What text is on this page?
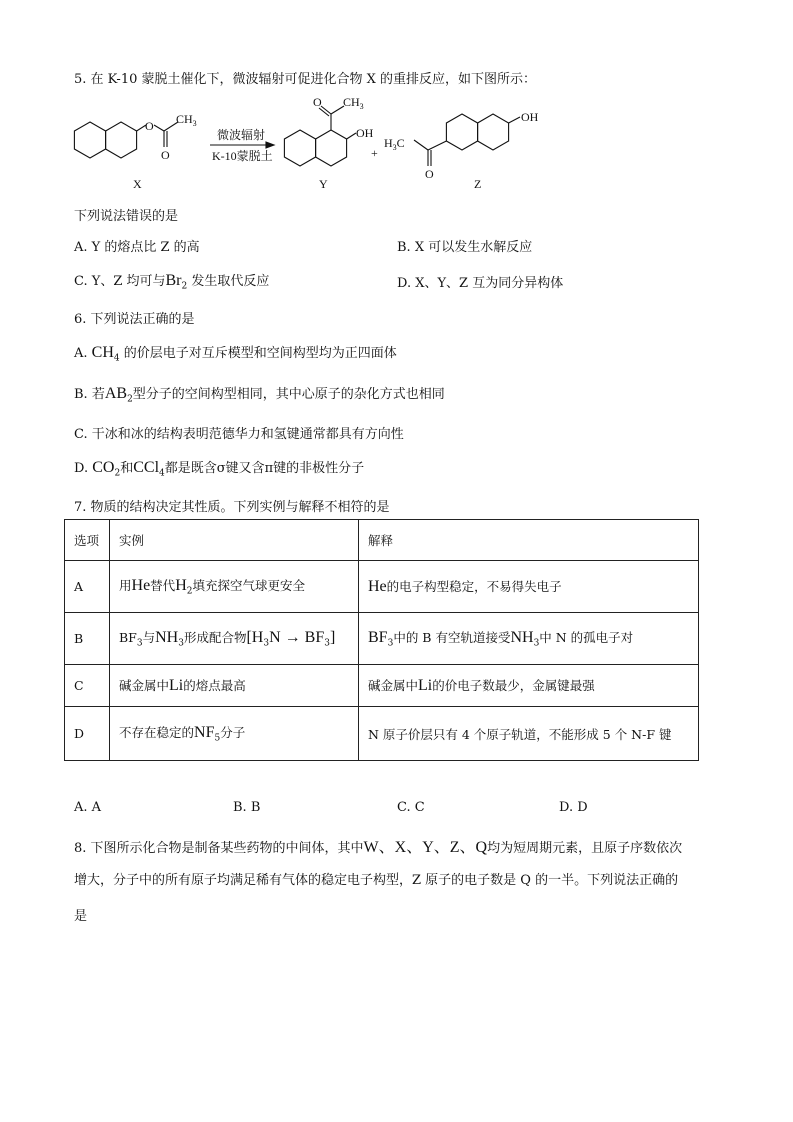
5. 在 K-10 蒙脱土催化下，微波辐射可促进化合物 X 的重排反应，如下图所示：
O $CH_3$
O
微波辐射
K-10蒙脱土
O $CH_3$
OH
+
$H_3C$
O
OH
X	Y	Z
下列说法错误的是
A. Y 的熔点比 Z 的高	B. X 可以发生水解反应
C. Y、Z 均可与$Br_2$ 发生取代反应	D. X、Y、Z 互为同分异构体
6. 下列说法正确的是
A. $CH_4$ 的价层电子对互斥模型和空间构型均为正四面体
B. 若$AB_2$型分子的空间构型相同，其中心原子的杂化方式也相同
C. 干冰和冰的结构表明范德华力和氢键通常都具有方向性
D. $CO_2$和CCl$_4$都是既含σ键又含π键的非极性分子
7. 物质的结构决定其性质。下列实例与解释不相符的是
选项	实例	解释
A	用He替代$H_2$填充探空气球更安全	He的电子构型稳定，不易得失电子
B	$BF_3$与$NH_3$形成配合物$[H_3N \to BF_3]$	$BF_3$中的 B 有空轨道接受$NH_3$中 N 的孤电子对
C	碱金属中Li的熔点最高	碱金属中Li的价电子数最少，金属键最强
D	不存在稳定的$NF_5$分子	N 原子价层只有 4 个原子轨道，不能形成 5 个 N-F 键
A. A	B. B	C. C	D. D
8. 下图所示化合物是制备某些药物的中间体，其中W、X、Y、Z、Q均为短周期元素，且原子序数依次
增大，分子中的所有原子均满足稀有气体的稳定电子构型，Z 原子的电子数是 Q 的一半。下列说法正确的
是
